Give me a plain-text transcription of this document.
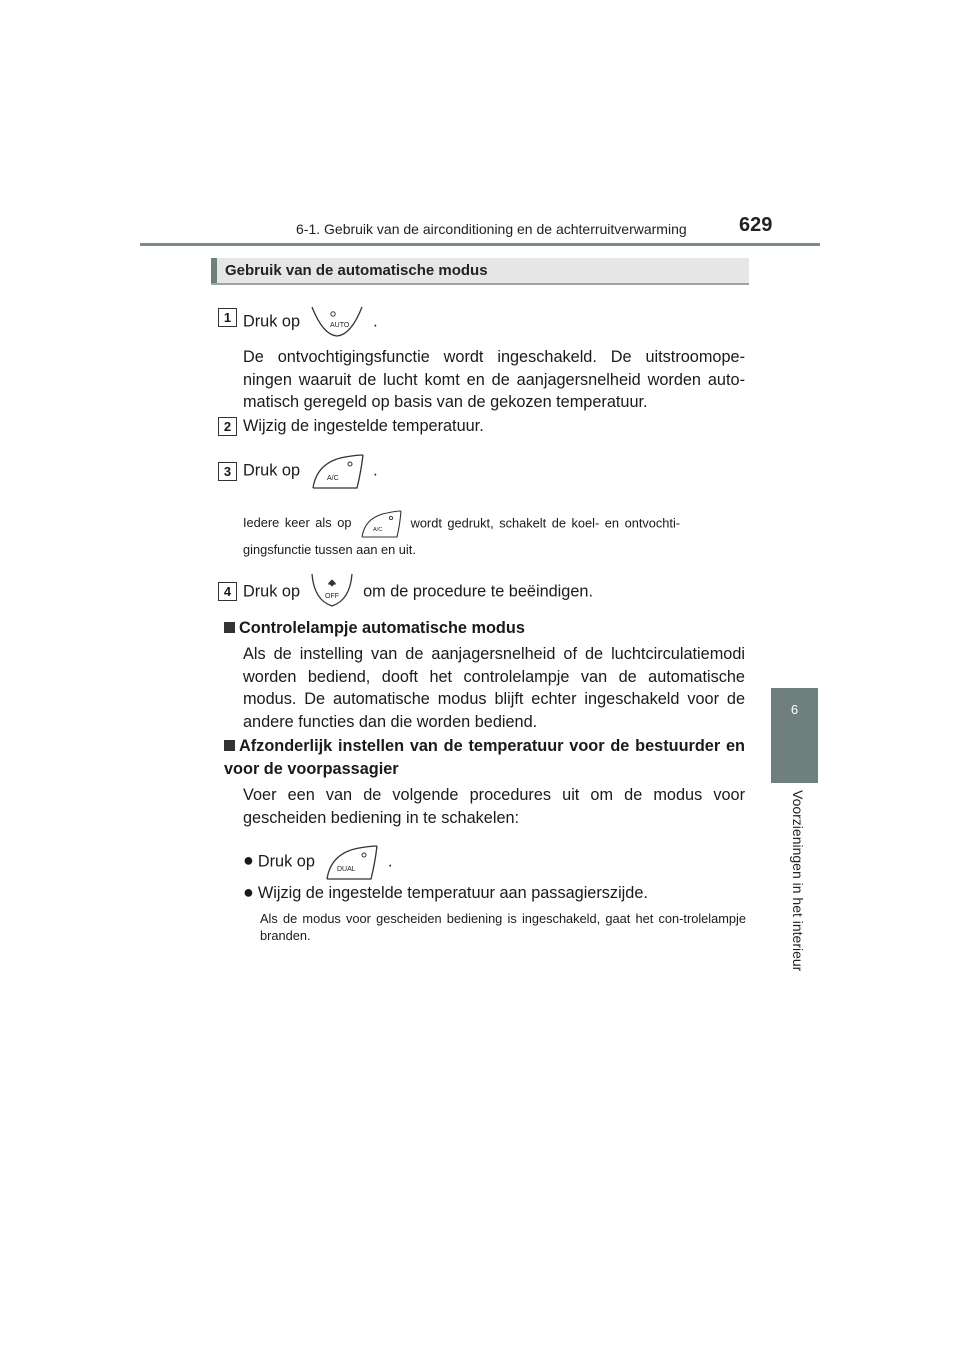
6-1. Gebruik van de airconditioning en de achterruitverwarming	629
6
Voorzieningen in het interieur
Gebruik van de automatische modus
1 Druk op	AUTO .
De ontvochtigingsfunctie wordt ingeschakeld. De uitstroomope-ningen waaruit de lucht komt en de aanjagersnelheid worden auto-matisch geregeld op basis van de gekozen temperatuur.
2 Wijzig de ingestelde temperatuur.
3 Druk op	A/C .
Iedere keer als op	A/C wordt gedrukt, schakelt de koel- en ontvochti-
gingsfunctie tussen aan en uit.
4 Druk op	OFF om de procedure te beëindigen.
Controlelampje automatische modus
Als de instelling van de aanjagersnelheid of de luchtcirculatiemodi worden bediend, dooft het controlelampje van de automatische modus. De automatische modus blijft echter ingeschakeld voor de andere functies dan die worden bediend.
Afzonderlijk instellen van de temperatuur voor de bestuurder en voor de voorpassagier
Voer een van de volgende procedures uit om de modus voor gescheiden bediening in te schakelen:
● Druk op	DUAL .
● Wijzig de ingestelde temperatuur aan passagierszijde.
Als de modus voor gescheiden bediening is ingeschakeld, gaat het con-trolelampje branden.
